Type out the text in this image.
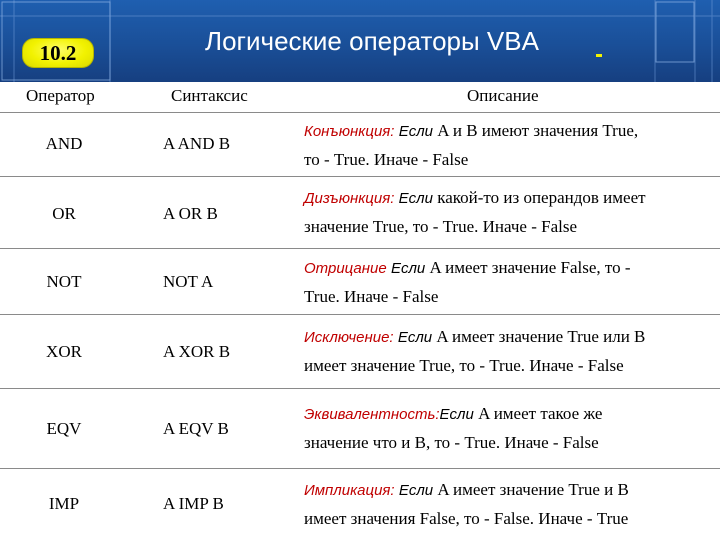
10.2	Логические операторы VBA
Оператор	Синтаксис	Описание
AND	A AND B
Конъюнкция: Если A и B имеют значения True,
то - True. Иначе - False
OR	A OR B
Дизъюнкция: Если какой-то из операндов имеет
значение True, то - True. Иначе - False
NOT	NOT A
Отрицание Если A имеет значение False, то -
True. Иначе - False
XOR	A XOR B
Исключение: Если A имеет значение True или B
имеет значение True, то - True. Иначе - False
EQV	A EQV B
Эквивалентность:Если A имеет такое же
значение что и B, то - True. Иначе - False
IMP	A IMP B
Импликация: Если A имеет значение True и B
имеет значения False, то - False. Иначе - True
